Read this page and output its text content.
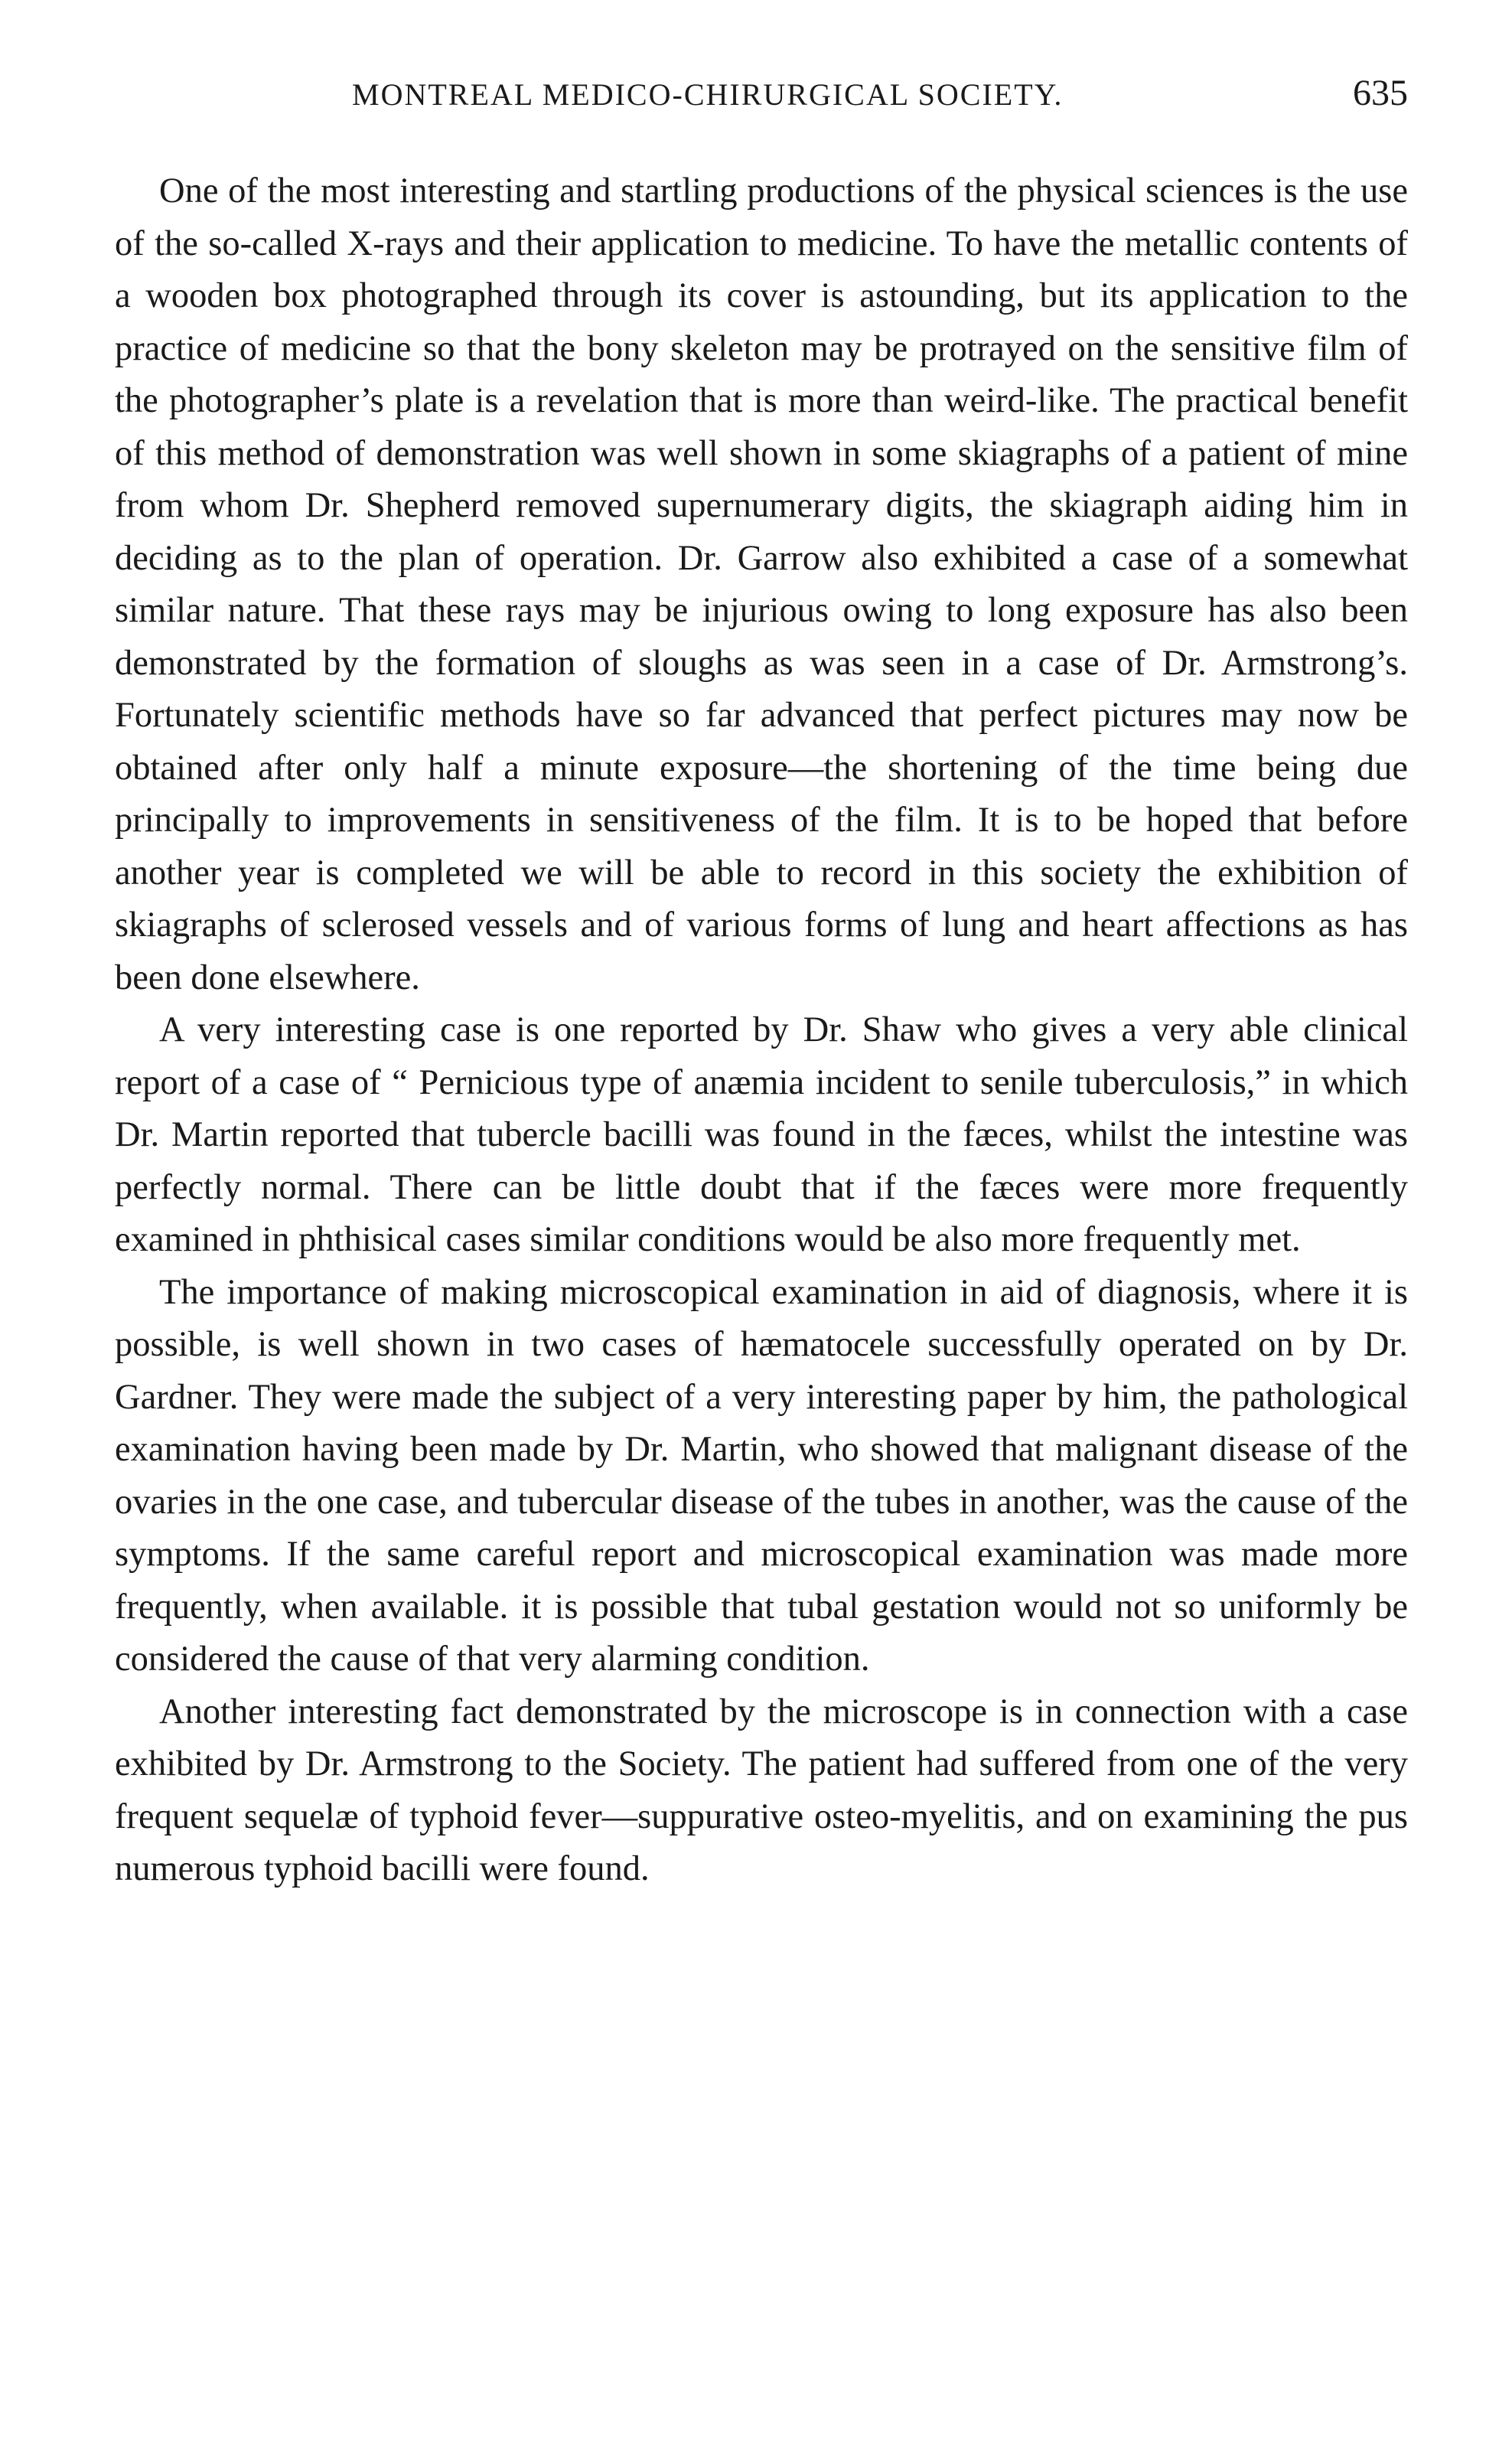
MONTREAL MEDICO-CHIRURGICAL SOCIETY.	635

One of the most interesting and startling productions of the physical sciences is the use of the so-called X-rays and their application to medicine. To have the metallic contents of a wooden box photographed through its cover is astounding, but its application to the practice of medicine so that the bony skeleton may be protrayed on the sensitive film of the photographer’s plate is a revelation that is more than weird-like. The practical benefit of this method of demonstration was well shown in some skiagraphs of a patient of mine from whom Dr. Shepherd removed supernumerary digits, the skiagraph aiding him in deciding as to the plan of operation. Dr. Garrow also exhibited a case of a somewhat similar nature. That these rays may be injurious owing to long exposure has also been demonstrated by the formation of sloughs as was seen in a case of Dr. Armstrong’s. Fortunately scientific methods have so far advanced that perfect pictures may now be obtained after only half a minute exposure—the shortening of the time being due principally to improvements in sensitiveness of the film. It is to be hoped that before another year is completed we will be able to record in this society the exhibition of skiagraphs of sclerosed vessels and of various forms of lung and heart affections as has been done elsewhere.

A very interesting case is one reported by Dr. Shaw who gives a very able clinical report of a case of “ Pernicious type of anæmia incident to senile tuberculosis,” in which Dr. Martin reported that tubercle bacilli was found in the fæces, whilst the intestine was perfectly normal. There can be little doubt that if the fæces were more frequently examined in phthisical cases similar conditions would be also more frequently met.

The importance of making microscopical examination in aid of diagnosis, where it is possible, is well shown in two cases of hæmatocele successfully operated on by Dr. Gardner. They were made the subject of a very interesting paper by him, the pathological examination having been made by Dr. Martin, who showed that malignant disease of the ovaries in the one case, and tubercular disease of the tubes in another, was the cause of the symptoms. If the same careful report and microscopical examination was made more frequently, when available. it is possible that tubal gestation would not so uniformly be considered the cause of that very alarming condition.

Another interesting fact demonstrated by the microscope is in connection with a case exhibited by Dr. Armstrong to the Society. The patient had suffered from one of the very frequent sequelæ of typhoid fever—suppurative osteo-myelitis, and on examining the pus numerous typhoid bacilli were found.
